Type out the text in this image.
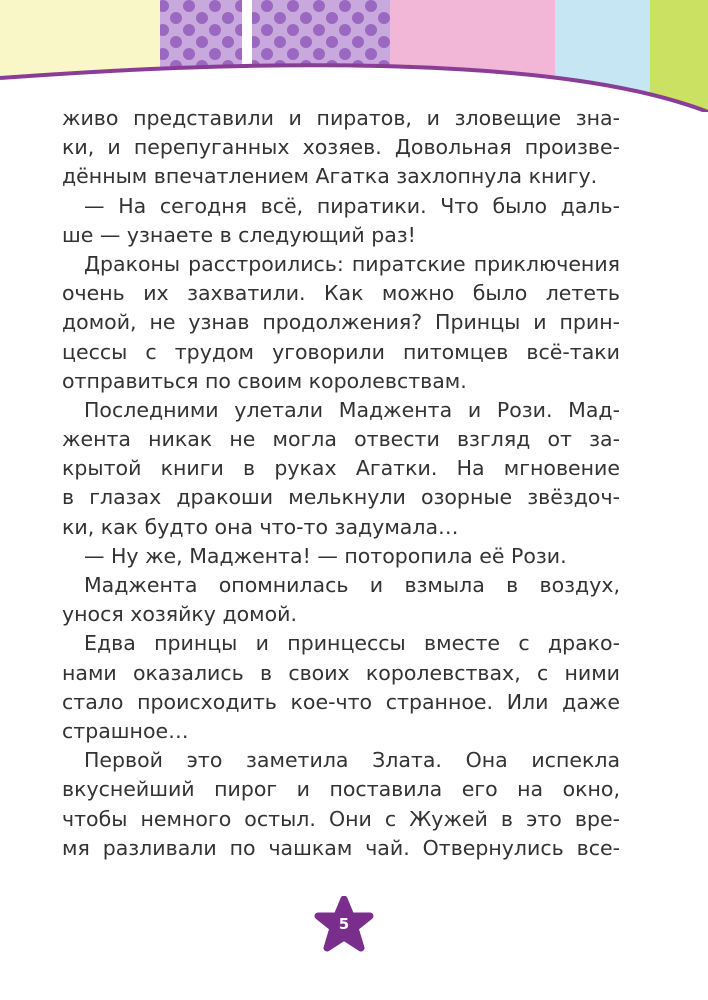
живо представили и пиратов, и зловещие зна-
ки, и перепуганных хозяев. Довольная произве-
дённым впечатлением Агатка захлопнула книгу.
— На сегодня всё, пиратики. Что было даль-
ше — узнаете в следующий раз!
Драконы расстроились: пиратские приключения
очень их захватили. Как можно было лететь
домой, не узнав продолжения? Принцы и прин-
цессы с трудом уговорили питомцев всё-таки
отправиться по своим королевствам.
Последними улетали Маджента и Рози. Мад-
жента никак не могла отвести взгляд от за-
крытой книги в руках Агатки. На мгновение
в глазах дракоши мелькнули озорные звёздоч-
ки, как будто она что-то задумала…
— Ну же, Маджента! — поторопила её Рози.
Маджента опомнилась и взмыла в воздух,
унося хозяйку домой.
Едва принцы и принцессы вместе с драко-
нами оказались в своих королевствах, с ними
стало происходить кое-что странное. Или даже
страшное…
Первой это заметила Злата. Она испекла
вкуснейший пирог и поставила его на окно,
чтобы немного остыл. Они с Жужей в это вре-
мя разливали по чашкам чай. Отвернулись все-
5
